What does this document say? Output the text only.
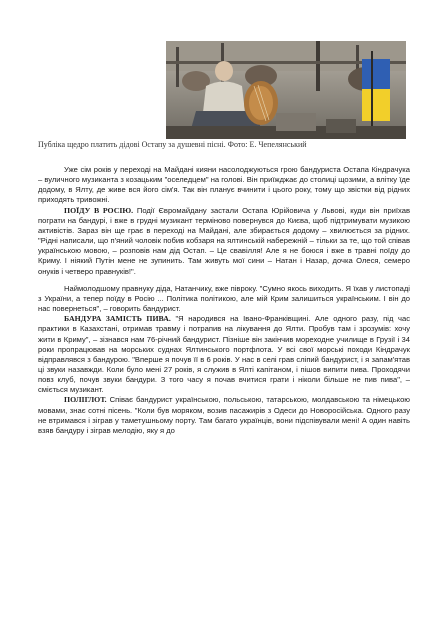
Публіка щедро платить дідові Остапу за душевні пісні. Фото: Е. Чепелянський

Уже сім років у переході на Майдані кияни насолоджуються грою бандуриста Остапа Кіндрачука – вуличного музиканта з козацьким "оселедцем" на голові. Він приїжджає до столиці щозими, а влітку їде додому, в Ялту, де живе вся його сім'я. Так він планує вчинити і цього року, тому що звістки від рідних приходять тривожні.

ПОЇДУ В РОСІЮ. Події Євромайдану застали Остапа Юрійовича у Львові, куди він приїхав пограти на бандурі, і вже в грудні музикант терміново повернувся до Києва, щоб підтримувати музикою активістів. Зараз він ще грає в переході на Майдані, але збирається додому – хвилюється за рідних. "Рідні написали, що п'яний чоловік побив кобзаря на ялтинській набережній – тільки за те, що той співав українською мовою, – розповів нам дід Остап. – Це свавілля! Але я не боюся і вже в травні поїду до Криму. І ніякий Путін мене не зупинить. Там живуть мої сини – Натан і Назар, дочка Олеся, семеро онуків і четверо правнуків!".

Наймолодшому правнуку діда, Натанчику, вже півроку. "Сумно якось виходить. Я їхав у листопаді з України, а тепер поїду в Росію ... Політика політикою, але мій Крим залишиться українським. І він до нас повернеться", – говорить бандурист.

БАНДУРА ЗАМІСТЬ ПИВА. "Я народився на Івано-Франківщині. Але одного разу, під час практики в Казахстані, отримав травму і потрапив на лікування до Ялти. Пробув там і зрозумів: хочу жити в Криму", – зізнався нам 76-річний бандурист. Пізніше він закінчив мореходне училище в Грузії і 34 роки пропрацював на морських суднах Ялтинського портфлота. У всі свої морські походи Кіндрачук відправлявся з бандурою. "Вперше я почув її в 6 років. У нас в селі грав сліпий бандурист, і я запам'ятав ці звуки назавжди. Коли було мені 27 років, я служив в Ялті капітаном, і пішов випити пива. Проходячи повз клуб, почув звуки бандури. З того часу я почав вчитися грати і ніколи більше не пив пива", – сміється музикант.

ПОЛІГЛОТ. Співає бандурист українською, польською, татарською, молдавською та німецькою мовами, знає сотні пісень. "Коли був моряком, возив пасажирів з Одеси до Новоросійська. Одного разу не втримався і зіграв у таметушньому порту. Там багато українців, вони підспівували мені! А один навіть взяв бандуру і зіграв мелодію, яку я до
